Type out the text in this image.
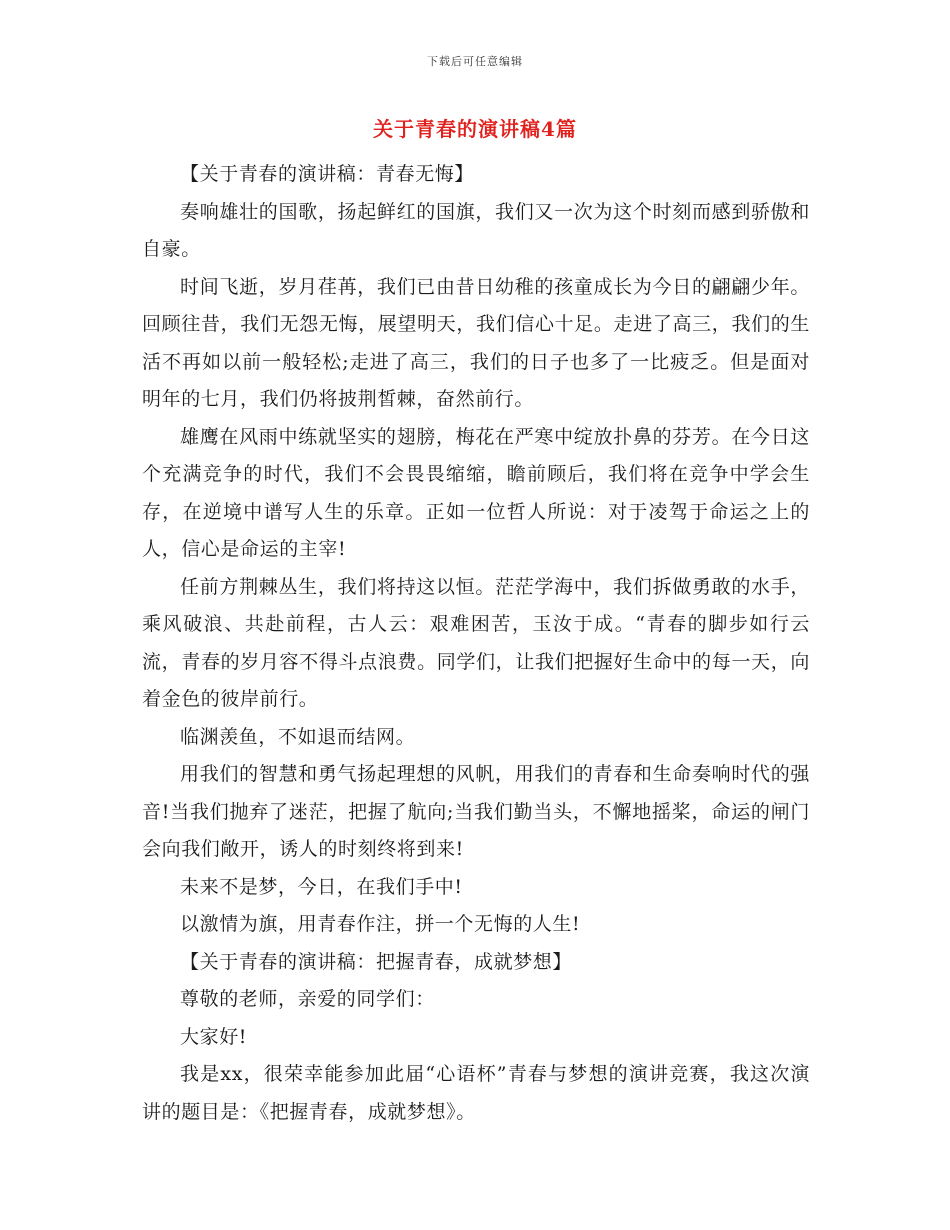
下载后可任意编辑
关于青春的演讲稿4篇

【关于青春的演讲稿：青春无悔】

奏响雄壮的国歌，扬起鲜红的国旗，我们又一次为这个时刻而感到骄傲和自豪。

时间飞逝，岁月荏苒，我们已由昔日幼稚的孩童成长为今日的翩翩少年。回顾往昔，我们无怨无悔，展望明天，我们信心十足。走进了高三，我们的生活不再如以前一般轻松;走进了高三，我们的日子也多了一比疲乏。但是面对明年的七月，我们仍将披荆皙棘，奋然前行。

雄鹰在风雨中练就坚实的翅膀，梅花在严寒中绽放扑鼻的芬芳。在今日这个充满竞争的时代，我们不会畏畏缩缩，瞻前顾后，我们将在竞争中学会生存，在逆境中谱写人生的乐章。正如一位哲人所说：对于凌驾于命运之上的人，信心是命运的主宰!

任前方荆棘丛生，我们将持这以恒。茫茫学海中，我们拆做勇敢的水手，乘风破浪、共赴前程，古人云：艰难困苦，玉汝于成。“青春的脚步如行云流，青春的岁月容不得斗点浪费。同学们，让我们把握好生命中的每一天，向着金色的彼岸前行。

临渊羡鱼，不如退而结网。

用我们的智慧和勇气扬起理想的风帆，用我们的青春和生命奏响时代的强音!当我们抛弃了迷茫，把握了航向;当我们勤当头，不懈地摇桨，命运的闸门会向我们敞开，诱人的时刻终将到来!

未来不是梦，今日，在我们手中!

以激情为旗，用青春作注，拼一个无悔的人生!

【关于青春的演讲稿：把握青春，成就梦想】

尊敬的老师，亲爱的同学们：

大家好!

我是xx，很荣幸能参加此届“心语杯”青春与梦想的演讲竞赛，我这次演讲的题目是：《把握青春，成就梦想》。
